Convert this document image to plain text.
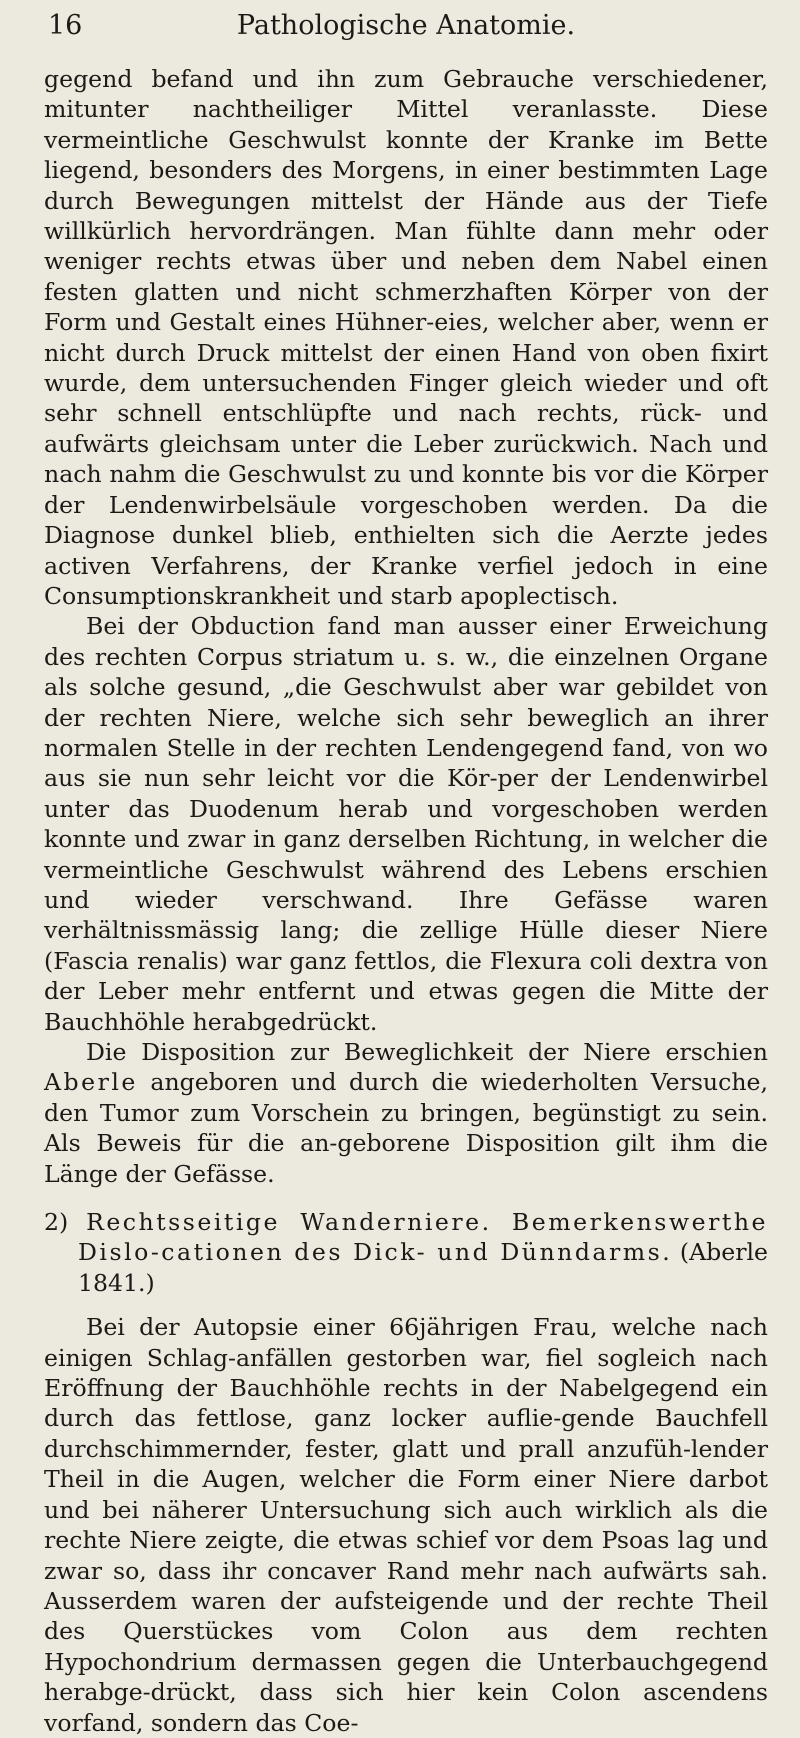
16	Pathologische Anatomie.

gegend befand und ihn zum Gebrauche verschiedener, mitunter nachtheiliger Mittel veranlasste. Diese vermeintliche Geschwulst konnte der Kranke im Bette liegend, besonders des Morgens, in einer bestimmten Lage durch Bewegungen mittelst der Hände aus der Tiefe willkürlich hervordrängen. Man fühlte dann mehr oder weniger rechts etwas über und neben dem Nabel einen festen glatten und nicht schmerzhaften Körper von der Form und Gestalt eines Hühner-eies, welcher aber, wenn er nicht durch Druck mittelst der einen Hand von oben fixirt wurde, dem untersuchenden Finger gleich wieder und oft sehr schnell entschlüpfte und nach rechts, rück- und aufwärts gleichsam unter die Leber zurückwich. Nach und nach nahm die Geschwulst zu und konnte bis vor die Körper der Lendenwirbelsäule vorgeschoben werden. Da die Diagnose dunkel blieb, enthielten sich die Aerzte jedes activen Verfahrens, der Kranke verfiel jedoch in eine Consumptionskrankheit und starb apoplectisch.

Bei der Obduction fand man ausser einer Erweichung des rechten Corpus striatum u. s. w., die einzelnen Organe als solche gesund, „die Geschwulst aber war gebildet von der rechten Niere, welche sich sehr beweglich an ihrer normalen Stelle in der rechten Lendengegend fand, von wo aus sie nun sehr leicht vor die Kör-per der Lendenwirbel unter das Duodenum herab und vorgeschoben werden konnte und zwar in ganz derselben Richtung, in welcher die vermeintliche Geschwulst während des Lebens erschien und wieder verschwand. Ihre Gefässe waren verhältnissmässig lang; die zellige Hülle dieser Niere (Fascia renalis) war ganz fettlos, die Flexura coli dextra von der Leber mehr entfernt und etwas gegen die Mitte der Bauchhöhle herabgedrückt.

Die Disposition zur Beweglichkeit der Niere erschien Aberle angeboren und durch die wiederholten Versuche, den Tumor zum Vorschein zu bringen, begünstigt zu sein. Als Beweis für die an-geborene Disposition gilt ihm die Länge der Gefässe.

2) Rechtsseitige Wanderniere. Bemerkenswerthe Dislo-cationen des Dick- und Dünndarms. (Aberle 1841.)

Bei der Autopsie einer 66jährigen Frau, welche nach einigen Schlag-anfällen gestorben war, fiel sogleich nach Eröffnung der Bauchhöhle rechts in der Nabelgegend ein durch das fettlose, ganz locker auflie-gende Bauchfell durchschimmernder, fester, glatt und prall anzufüh-lender Theil in die Augen, welcher die Form einer Niere darbot und bei näherer Untersuchung sich auch wirklich als die rechte Niere zeigte, die etwas schief vor dem Psoas lag und zwar so, dass ihr concaver Rand mehr nach aufwärts sah. Ausserdem waren der aufsteigende und der rechte Theil des Querstückes vom Colon aus dem rechten Hypochondrium dermassen gegen die Unterbauchgegend herabge-drückt, dass sich hier kein Colon ascendens vorfand, sondern das Coe-
